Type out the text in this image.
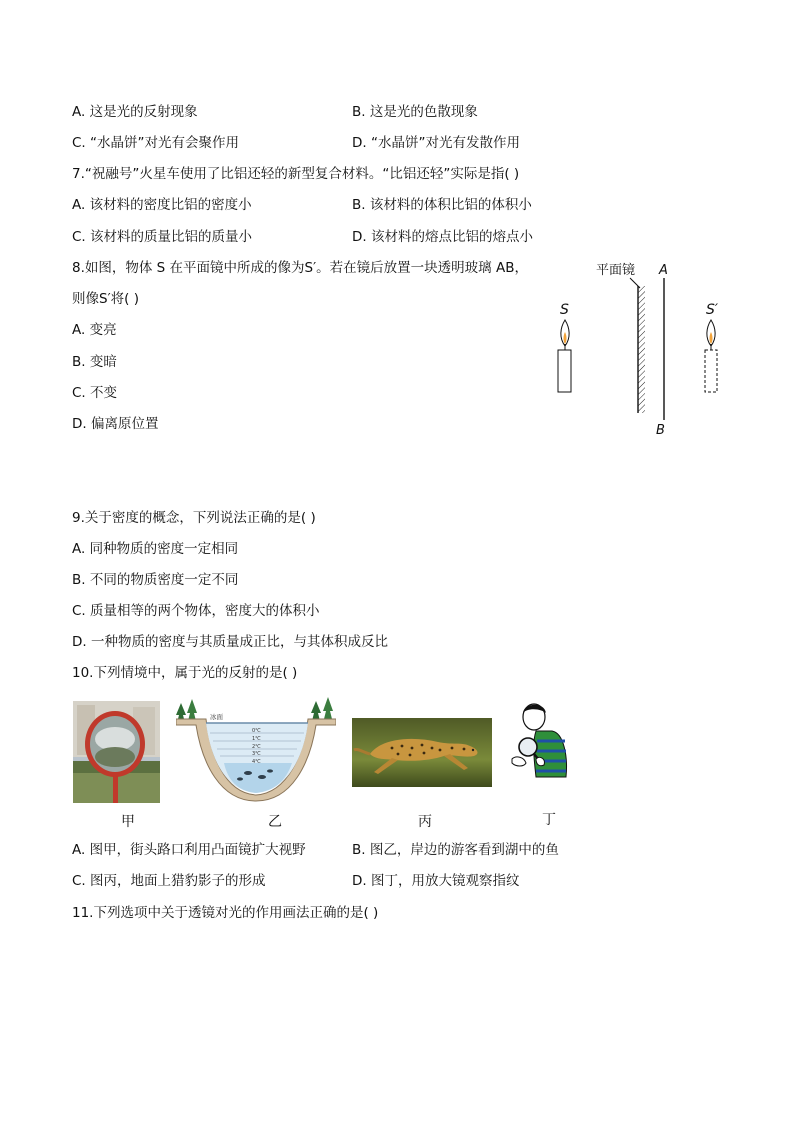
A. 这是光的反射现象	B. 这是光的色散现象
C. “水晶饼”对光有会聚作用	D. “水晶饼”对光有发散作用
7.“祝融号”火星车使用了比铝还轻的新型复合材料。“比铝还轻”实际是指( )
A. 该材料的密度比铝的密度小	B. 该材料的体积比铝的体积小
C. 该材料的质量比铝的质量小	D. 该材料的熔点比铝的熔点小
8.如图，物体 S 在平面镜中所成的像为S′。若在镜后放置一块透明玻璃 AB，
则像S′将( )
A. 变亮
B. 变暗
C. 不变
D. 偏离原位置
平面镜 A
B
S	S′
9.关于密度的概念，下列说法正确的是( )
A. 同种物质的密度一定相同
B. 不同的物质密度一定不同
C. 质量相等的两个物体，密度大的体积小
D. 一种物质的密度与其质量成正比，与其体积成反比
10.下列情境中，属于光的反射的是( )
甲
冰面
0℃
1℃
2℃
3℃
4℃
乙	丙	丁
A. 图甲，街头路口利用凸面镜扩大视野	B. 图乙，岸边的游客看到湖中的鱼
C. 图丙，地面上猎豹影子的形成	D. 图丁，用放大镜观察指纹
11.下列选项中关于透镜对光的作用画法正确的是( )
